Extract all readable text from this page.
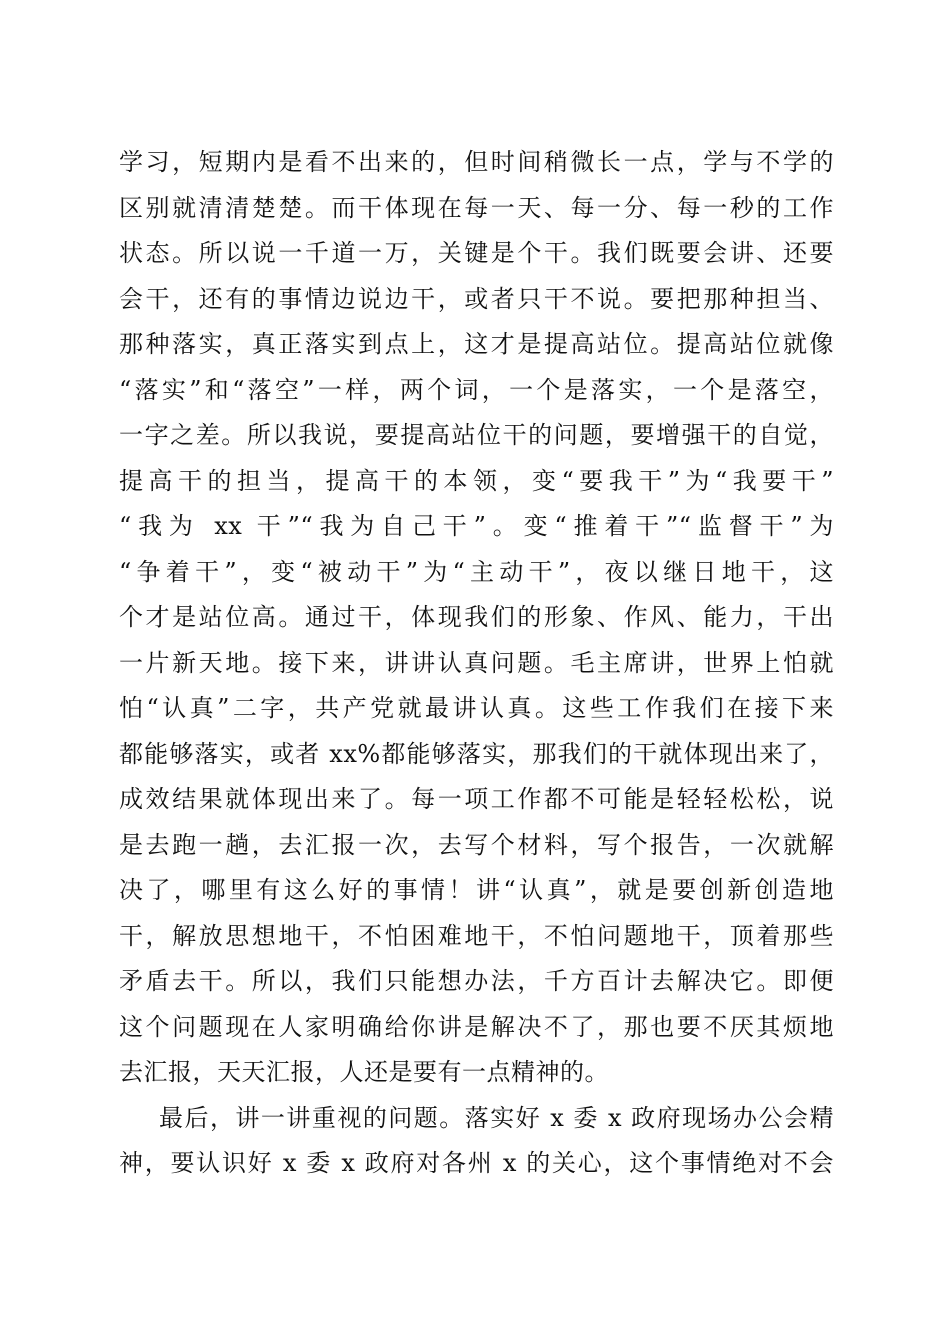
学习，短期内是看不出来的，但时间稍微长一点，学与不学的
区别就清清楚楚。而干体现在每一天、每一分、每一秒的工作
状态。所以说一千道一万，关键是个干。我们既要会讲、还要
会干，还有的事情边说边干，或者只干不说。要把那种担当、
那种落实，真正落实到点上，这才是提高站位。提高站位就像
“落实”和“落空”一样，两个词，一个是落实，一个是落空，
一字之差。所以我说，要提高站位干的问题，要增强干的自觉，
提高干的担当，提高干的本领，变“要我干”为“我要干”
“我为 xx 干”“我为自己干”。变“推着干”“监督干”为
“争着干”，变“被动干”为“主动干”，夜以继日地干，这
个才是站位高。通过干，体现我们的形象、作风、能力，干出
一片新天地。接下来，讲讲认真问题。毛主席讲，世界上怕就
怕“认真”二字，共产党就最讲认真。这些工作我们在接下来
都能够落实，或者 xx%都能够落实，那我们的干就体现出来了，
成效结果就体现出来了。每一项工作都不可能是轻轻松松，说
是去跑一趟，去汇报一次，去写个材料，写个报告，一次就解
决了，哪里有这么好的事情！讲“认真”，就是要创新创造地
干，解放思想地干，不怕困难地干，不怕问题地干，顶着那些
矛盾去干。所以，我们只能想办法，千方百计去解决它。即便
这个问题现在人家明确给你讲是解决不了，那也要不厌其烦地
去汇报，天天汇报，人还是要有一点精神的。
最后，讲一讲重视的问题。落实好 x 委 x 政府现场办公会精
神，要认识好 x 委 x 政府对各州 x 的关心，这个事情绝对不会
